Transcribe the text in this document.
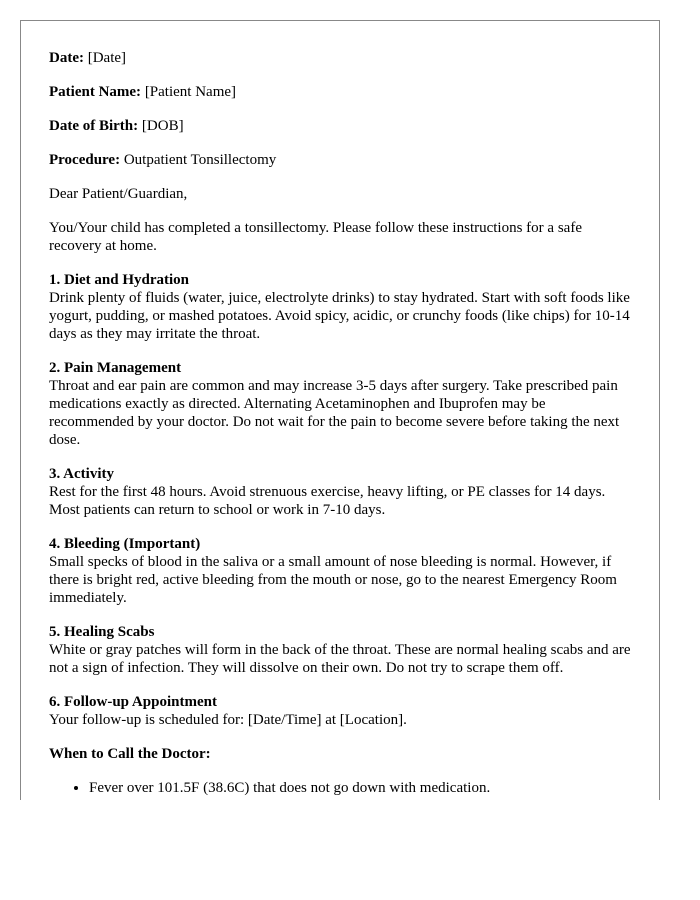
Date: [Date]

Patient Name: [Patient Name]

Date of Birth: [DOB]

Procedure: Outpatient Tonsillectomy

Dear Patient/Guardian,

You/Your child has completed a tonsillectomy. Please follow these instructions for a safe recovery at home.

1. Diet and Hydration

Drink plenty of fluids (water, juice, electrolyte drinks) to stay hydrated. Start with soft foods like yogurt, pudding, or mashed potatoes. Avoid spicy, acidic, or crunchy foods (like chips) for 10-14 days as they may irritate the throat.

2. Pain Management

Throat and ear pain are common and may increase 3-5 days after surgery. Take prescribed pain medications exactly as directed. Alternating Acetaminophen and Ibuprofen may be recommended by your doctor. Do not wait for the pain to become severe before taking the next dose.

3. Activity

Rest for the first 48 hours. Avoid strenuous exercise, heavy lifting, or PE classes for 14 days. Most patients can return to school or work in 7-10 days.

4. Bleeding (Important)

Small specks of blood in the saliva or a small amount of nose bleeding is normal. However, if there is bright red, active bleeding from the mouth or nose, go to the nearest Emergency Room immediately.

5. Healing Scabs

White or gray patches will form in the back of the throat. These are normal healing scabs and are not a sign of infection. They will dissolve on their own. Do not try to scrape them off.

6. Follow-up Appointment

Your follow-up is scheduled for: [Date/Time] at [Location].

When to Call the Doctor:

• Fever over 101.5F (38.6C) that does not go down with medication.
